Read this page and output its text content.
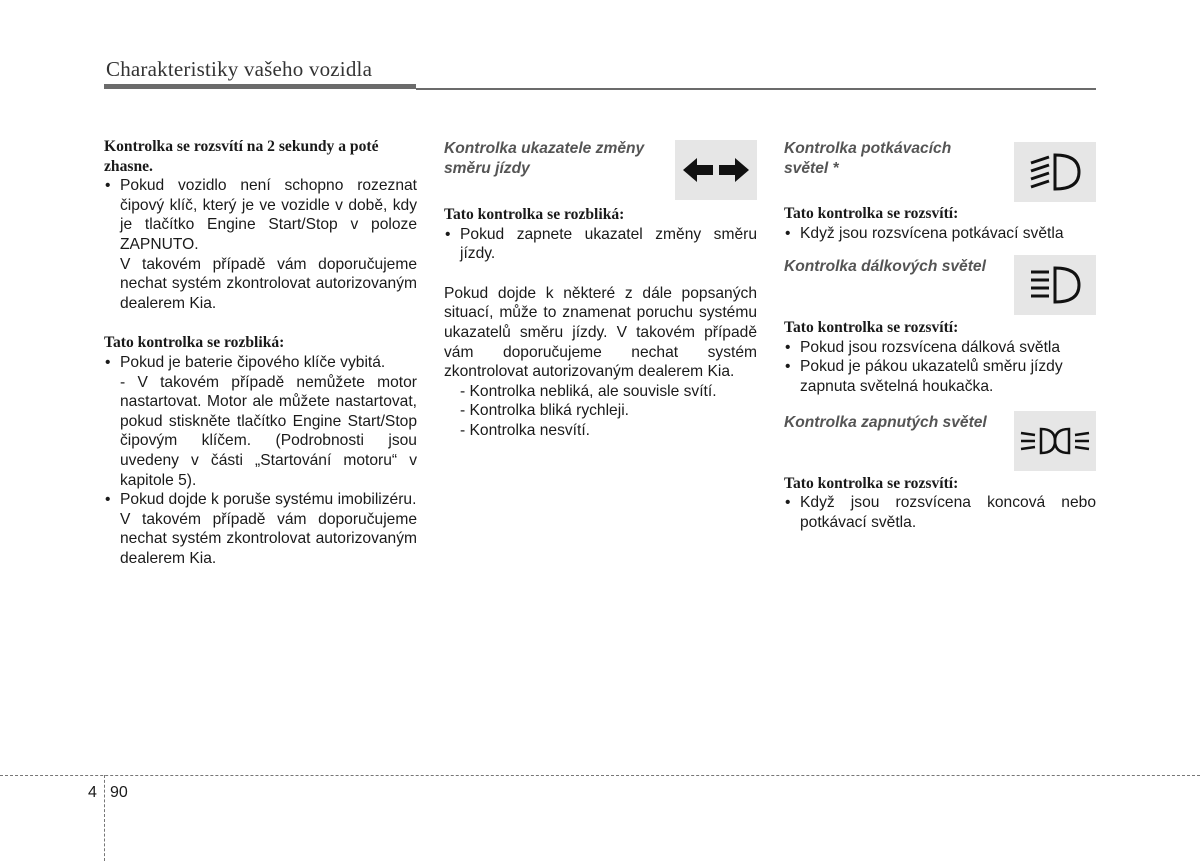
Charakteristiky vašeho vozidla

Kontrolka se rozsvítí na 2 sekundy a poté zhasne.

• Pokud vozidlo není schopno rozeznat čipový klíč, který je ve vozidle v době, kdy je tlačítko Engine Start/Stop v poloze ZAPNUTO.

V takovém případě vám doporučujeme nechat systém zkontrolovat autorizovaným dealerem Kia.

Tato kontrolka se rozbliká:

• Pokud je baterie čipového klíče vybitá.

- V takovém případě nemůžete motor nastartovat. Motor ale můžete nastartovat, pokud stiskněte tlačítko Engine Start/Stop čipovým klíčem. (Podrobnosti jsou uvedeny v části „Startování motoru“ v kapitole 5).

• Pokud dojde k poruše systému imobilizéru.

V takovém případě vám doporučujeme nechat systém zkontrolovat autorizovaným dealerem Kia.

Kontrolka ukazatele změny směru jízdy

Tato kontrolka se rozbliká:

• Pokud zapnete ukazatel změny směru jízdy.

Pokud dojde k některé z dále popsaných situací, může to znamenat poruchu systému ukazatelů směru jízdy. V takovém případě vám doporučujeme nechat systém zkontrolovat autorizovaným dealerem Kia.

- Kontrolka nebliká, ale souvisle svítí.

- Kontrolka bliká rychleji.

- Kontrolka nesvítí.

Kontrolka potkávacích světel *

Tato kontrolka se rozsvítí:

• Když jsou rozsvícena potkávací světla

Kontrolka dálkových světel

Tato kontrolka se rozsvítí:

• Pokud jsou rozsvícena dálková světla

• Pokud je pákou ukazatelů směru jízdy zapnuta světelná houkačka.

Kontrolka zapnutých světel

Tato kontrolka se rozsvítí:

• Když jsou rozsvícena koncová nebo potkávací světla.

4 90
